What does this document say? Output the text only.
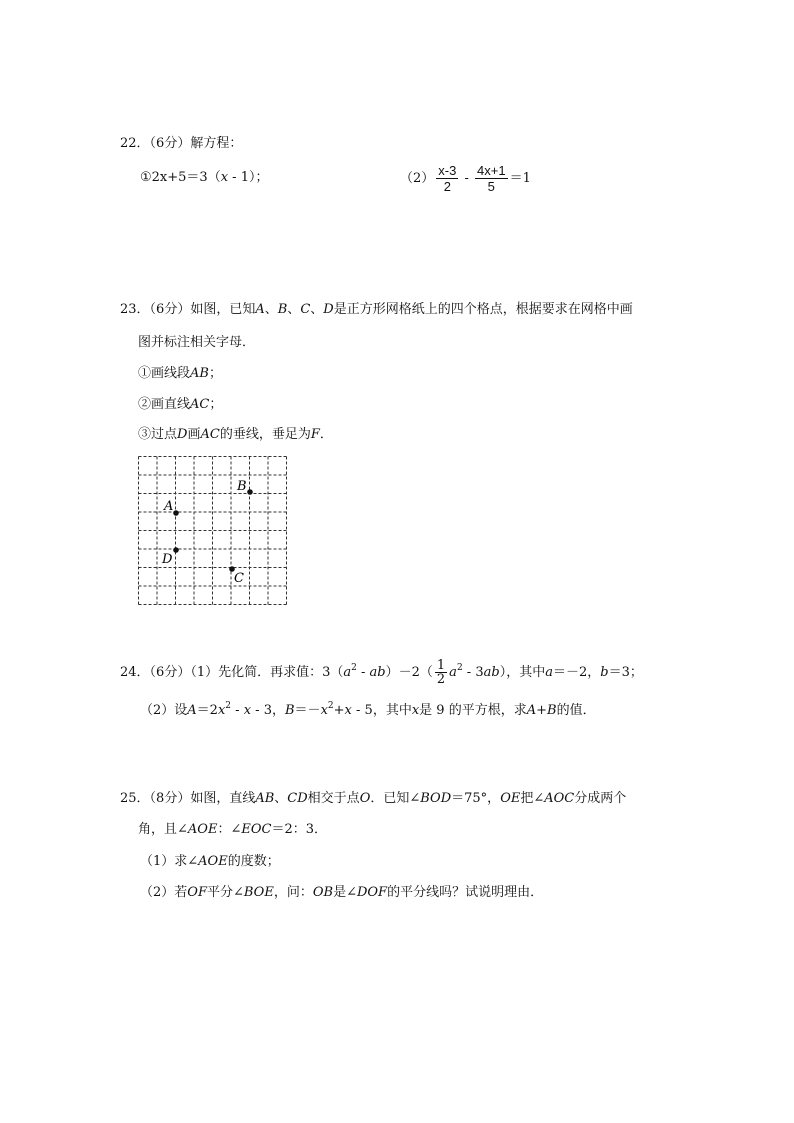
22．（6分）解方程：
①2x+5＝3（x - 1）；	$(2) \frac{x-3}{2} - \frac{4x+1}{5} =1$
23．（6分）如图，已知A、B、C、D是正方形网格纸上的四个格点，根据要求在网格中画
图并标注相关字母．
①画线段AB；
②画直线AC；
③过点D画AC的垂线，垂足为F．
B
A
D
C
24．（6分）（1）先化简．再求值：$3(a^2 - ab)-2( \frac{1}{2} a^2 - 3ab)$，其中a＝－2，b＝3；
（2）设$A=2x^2 - x - 3$，$B=-x^2+x - 5$，其中x是 9 的平方根，求A+B的值．
25．（8分）如图，直线AB、CD相交于点O．已知∠BOD＝75°，OE把∠AOC分成两个
角，且∠AOE：∠EOC＝2：3．
（1）求∠AOE的度数；
（2）若OF平分∠BOE，问：OB是∠DOF的平分线吗？试说明理由．
